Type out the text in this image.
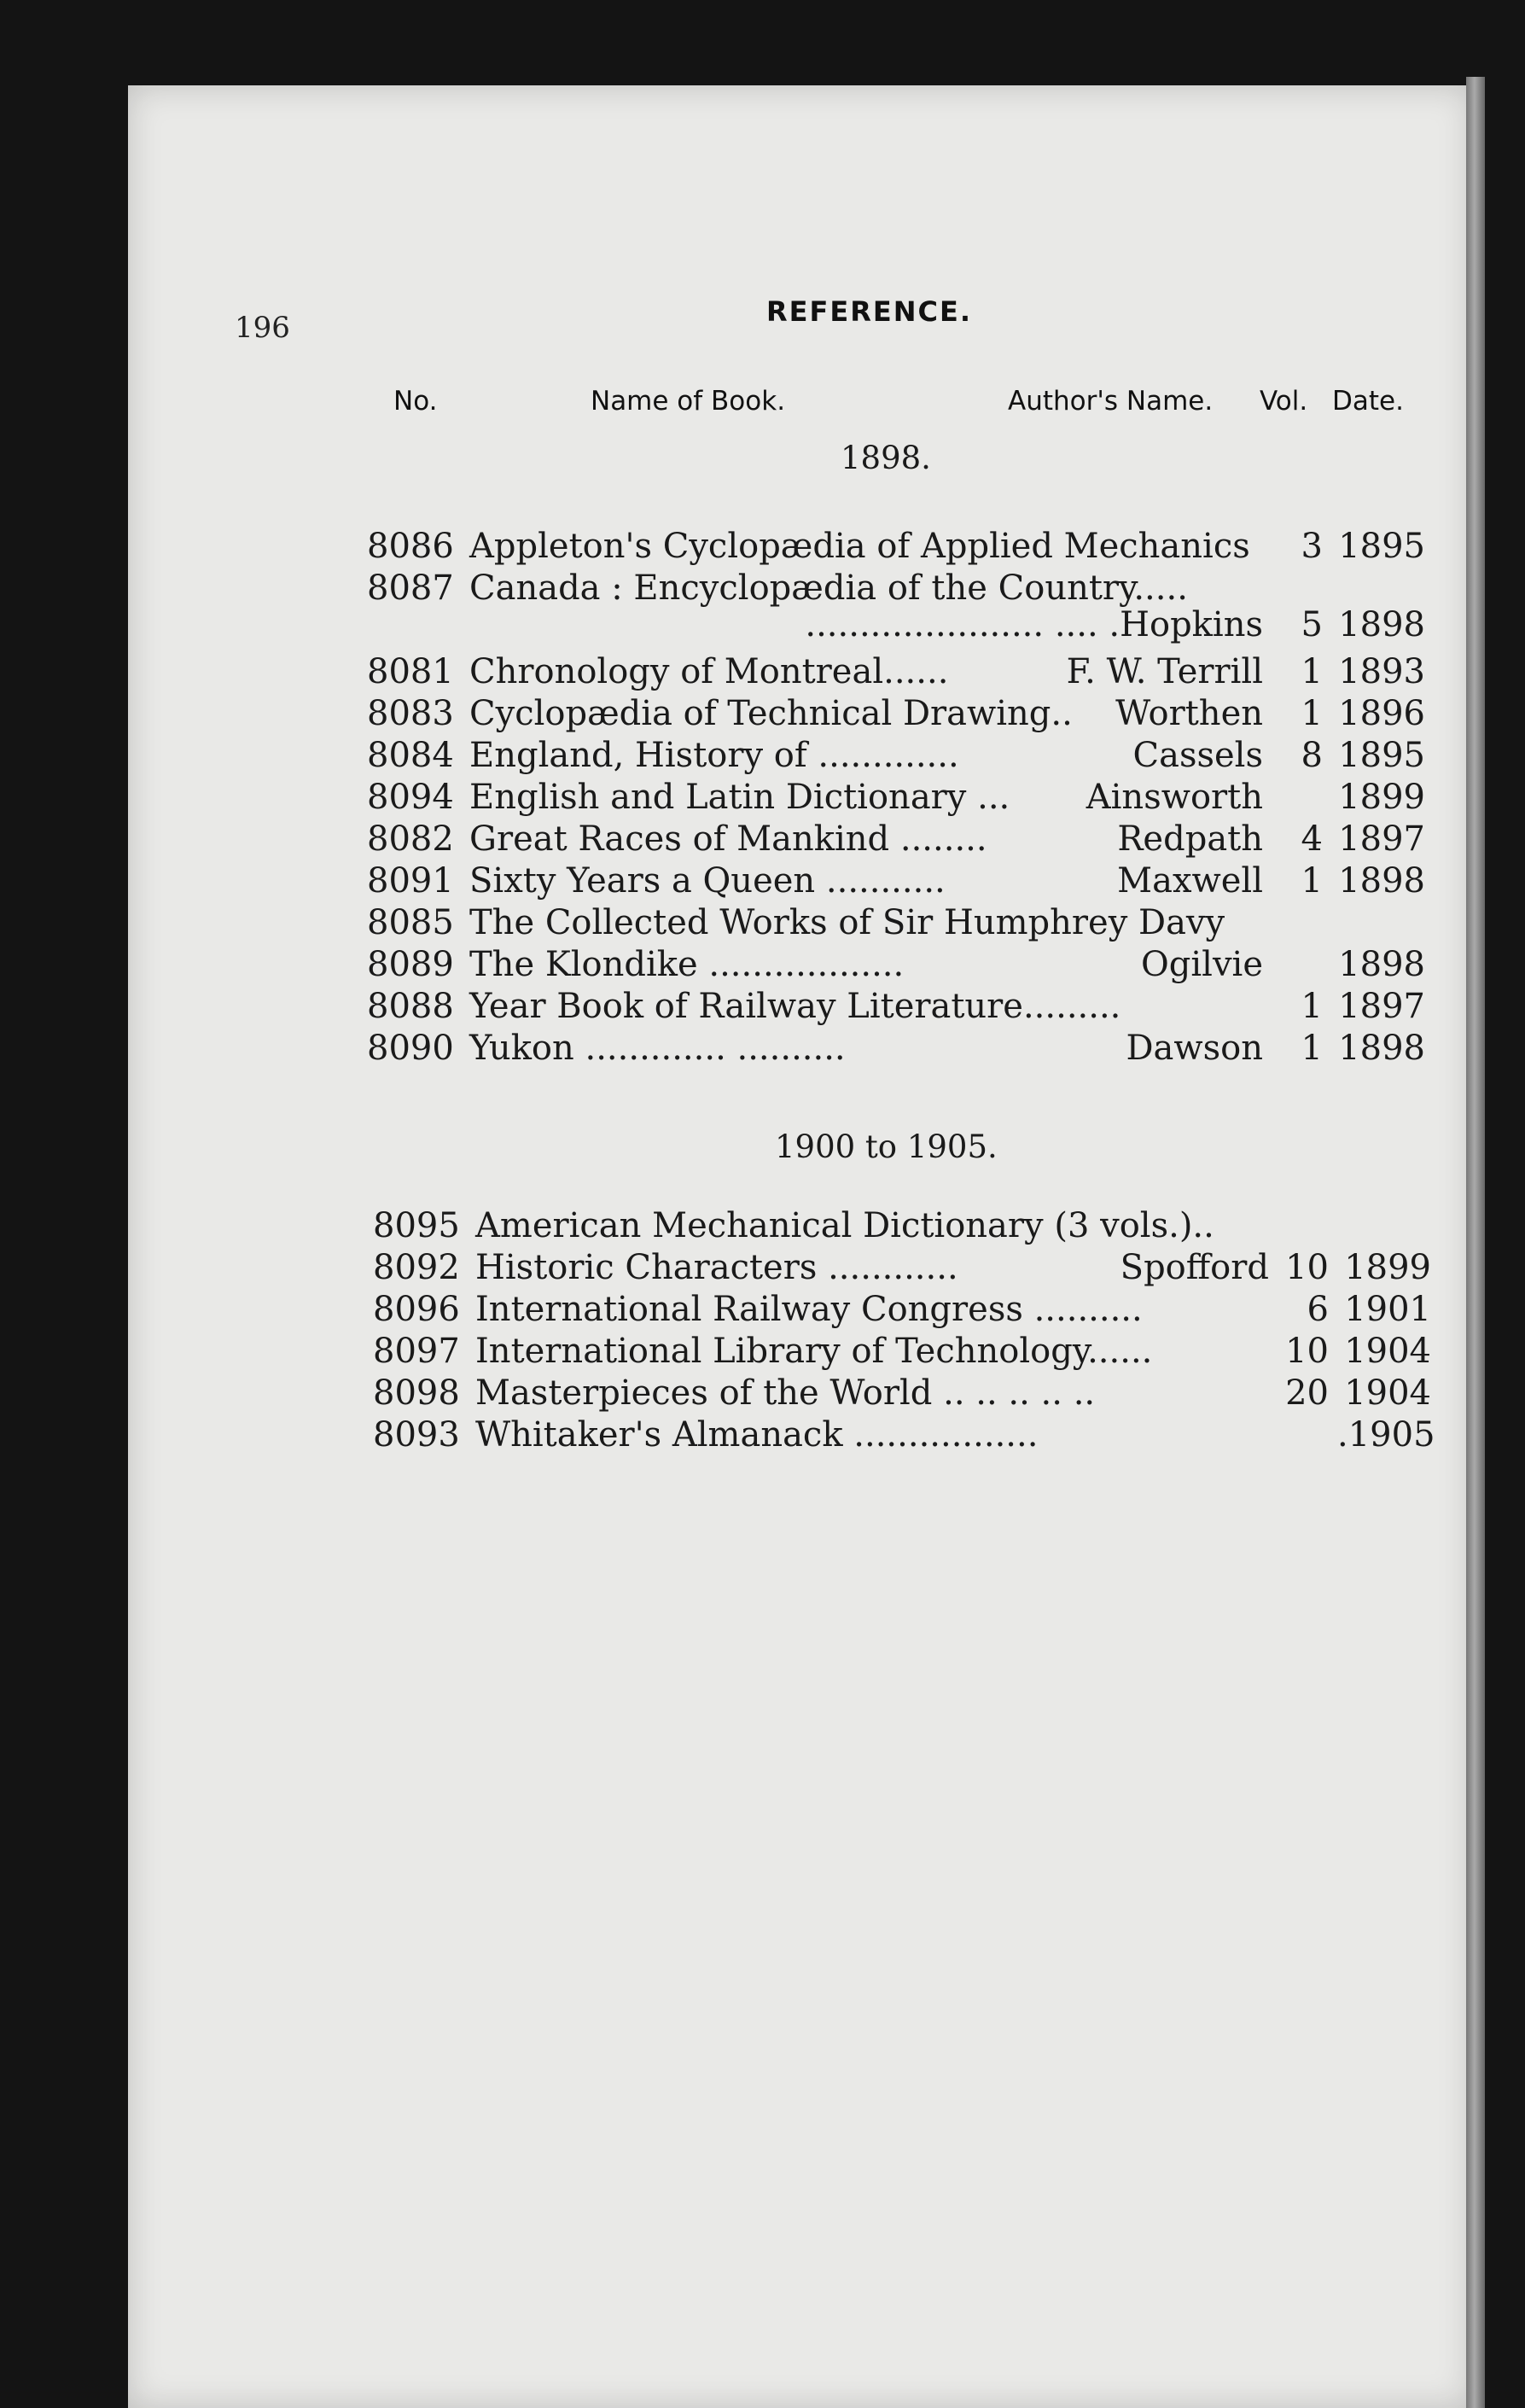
196	REFERENCE.
No.	Name of Book.	Author's Name. Vol. Date.
1898.
8086 Appleton's Cyclopædia of Applied Mechanics	3 1895
8087 Canada : Encyclopædia of the Country.....
...................... .... .Hopkins	5 1898
8081 Chronology of Montreal......	F. W. Terrill	1 1893
8083 Cyclopædia of Technical Drawing.. Worthen	1 1896
8084 England, History of .............	Cassels	8 1895
8094 English and Latin Dictionary ... Ainsworth 1899
8082 Great Races of Mankind ........	Redpath	4 1897
8091 Sixty Years a Queen ...........	Maxwell	1 1898
8085 The Collected Works of Sir Humphrey Davy
8089 The Klondike ..................	Ogilvie 1898
8088 Year Book of Railway Literature.........	1 1897
8090 Yukon ............. ..........	Dawson	1 1898
1900 to 1905.
8095 American Mechanical Dictionary (3 vols.)..
8092 Historic Characters ............	Spofford 10 1899
8096 International Railway Congress ..........	6 1901
8097 International Library of Technology......	10 1904
8098 Masterpieces of the World .. .. .. .. ..	20 1904
8093 Whitaker's Almanack .................	.1905
